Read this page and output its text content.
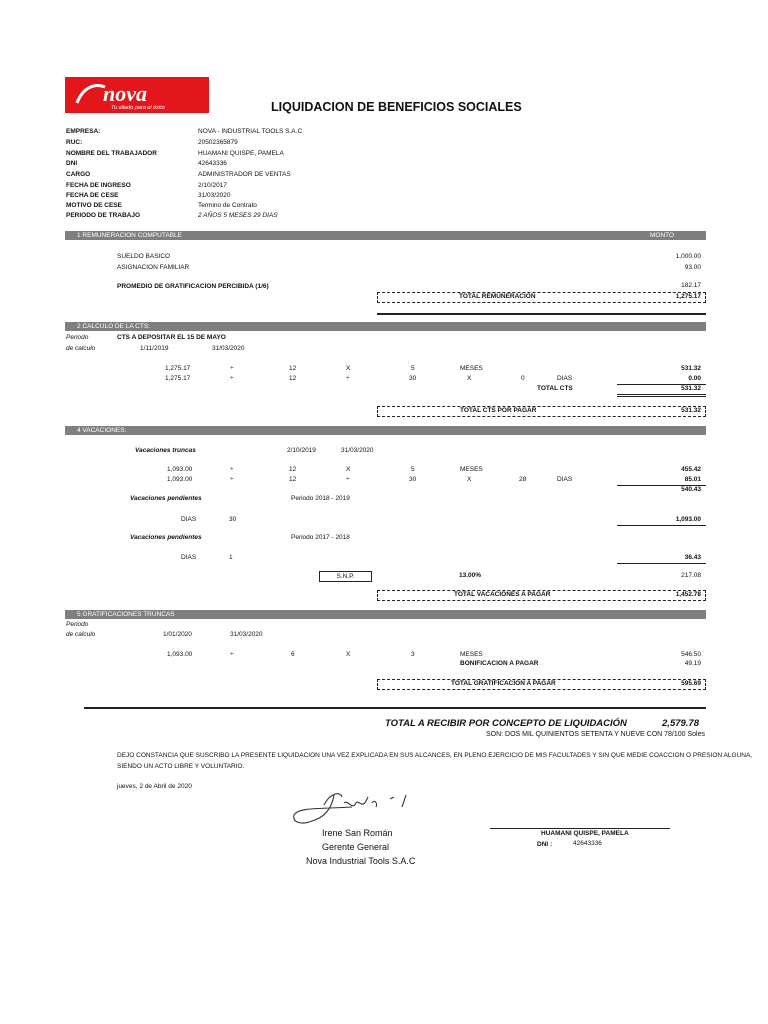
nova
Tu aliado para el éxito	LIQUIDACION DE BENEFICIOS SOCIALES
EMPRESA:	NOVA - INDUSTRIAL TOOLS S.A.C
RUC:	20502365879
NOMBRE DEL TRABAJADOR	HUAMANI QUISPE, PAMELA
DNI	42643336
CARGO	ADMINISTRADOR DE VENTAS
FECHA DE INGRESO	2/10/2017
FECHA DE CESE	31/03/2020
MOTIVO DE CESE	Termino de Contrato
PERIODO DE TRABAJO	2 AÑOS 5 MESES 29 DIAS
1 REMUNERACION COMPUTABLE	MONTO
SUELDO BASICO	1,000.00
ASIGNACION FAMILIAR	93.00
PROMEDIO DE GRATIFICACION PERCIBIDA (1/6)	182.17
TOTAL REMUNERACION	1,275.17
2 CALCULO DE LA CTS:
Periodo
de calculo
CTS A DEPOSITAR EL 15 DE MAYO
1/11/2019	31/03/2020
1,275.17	÷	12	X	5	MESES	531.32
1,275.17	÷	12	÷	30	X	0	DIAS	0.00
TOTAL CTS	531.32
TOTAL CTS POR PAGAR	531.32
4 VACACIONES:
Vacaciones truncas	2/10/2019	31/03/2020
1,093.00	÷	12	X	5	MESES	455.42
1,093.00	÷	12	÷	30	X	28	DIAS	85.01
540.43
Vacaciones pendientes	Periodo 2018 - 2019
DIAS	30	1,093.00
Vacaciones pendientes	Periodo 2017 - 2018
DIAS	1	36.43
S.N.P.	13.00%	217.08
TOTAL VACACIONES A PAGAR	1,452.78
5 GRATIFICACIONES TRUNCAS
Periodo
de calculo	1/01/2020	31/03/2020
1,093.00	÷	6	X	3	MESES	546.50
BONIFICACION A PAGAR	49.19
TOTAL GRATIFICACION A PAGAR	595.69
TOTAL A RECIBIR POR CONCEPTO DE LIQUIDACIÓN	2,579.78
SON: DOS MIL QUINIENTOS SETENTA Y NUEVE CON 78/100 Soles
DEJO CONSTANCIA QUE SUSCRIBO LA PRESENTE LIQUIDACION UNA VEZ EXPLICADA EN SUS ALCANCES, EN PLENO EJERCICIO DE MIS FACULTADES Y SIN QUE MEDIE COACCION O PRESION ALGUNA,
SIENDO UN ACTO LIBRE Y VOLUNTARIO.
jueves, 2 de Abril de 2020
Irene San Román
Gerente General
Nova Industrial Tools S.A.C
HUAMANI QUISPE, PAMELA
DNI :	42643336
